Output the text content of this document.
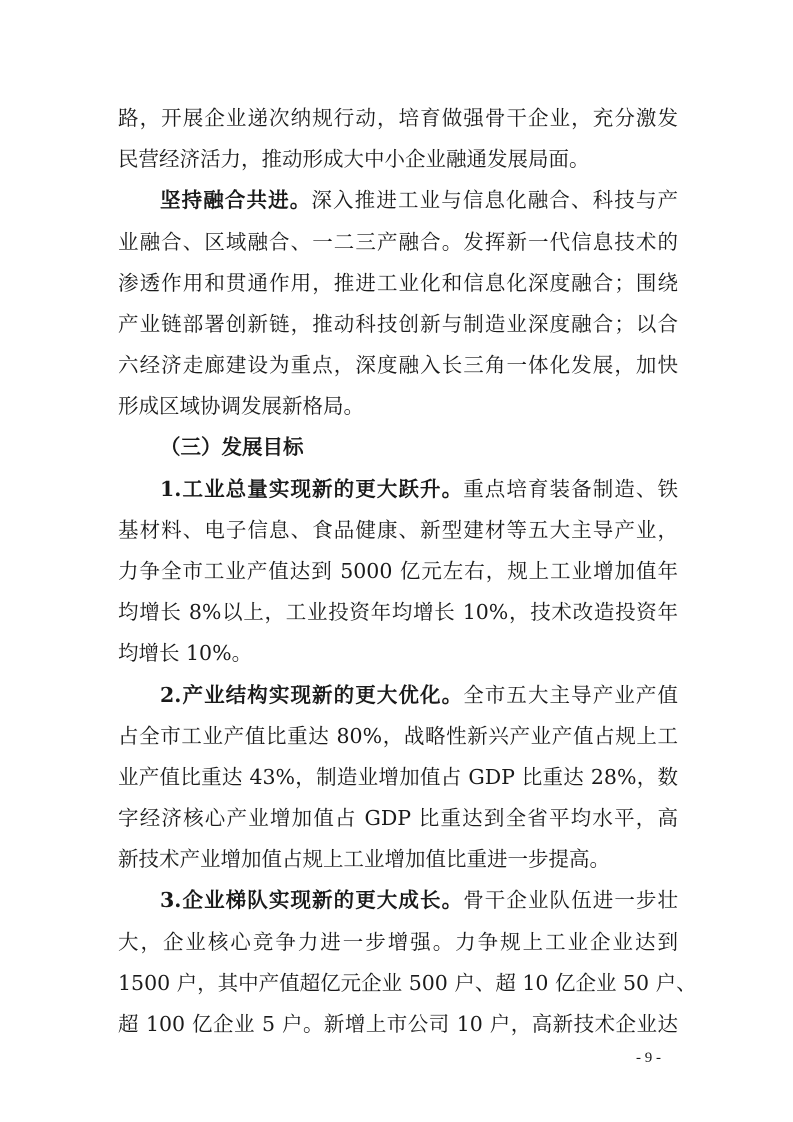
路，开展企业递次纳规行动，培育做强骨干企业，充分激发
民营经济活力，推动形成大中小企业融通发展局面。
坚持融合共进。深入推进工业与信息化融合、科技与产
业融合、区域融合、一二三产融合。发挥新一代信息技术的
渗透作用和贯通作用，推进工业化和信息化深度融合；围绕
产业链部署创新链，推动科技创新与制造业深度融合；以合
六经济走廊建设为重点，深度融入长三角一体化发展，加快
形成区域协调发展新格局。
（三）发展目标
1.工业总量实现新的更大跃升。重点培育装备制造、铁
基材料、电子信息、食品健康、新型建材等五大主导产业，
力争全市工业产值达到 5000 亿元左右，规上工业增加值年
均增长 8%以上，工业投资年均增长 10%，技术改造投资年
均增长 10%。
2.产业结构实现新的更大优化。全市五大主导产业产值
占全市工业产值比重达 80%，战略性新兴产业产值占规上工
业产值比重达 43%，制造业增加值占 GDP 比重达 28%，数
字经济核心产业增加值占 GDP 比重达到全省平均水平，高
新技术产业增加值占规上工业增加值比重进一步提高。
3.企业梯队实现新的更大成长。骨干企业队伍进一步壮
- 9 -
大，企业核心竞争力进一步增强。力争规上工业企业达到
1500 户，其中产值超亿元企业 500 户、超 10 亿企业 50 户、
超 100 亿企业 5 户。新增上市公司 10 户，高新技术企业达
